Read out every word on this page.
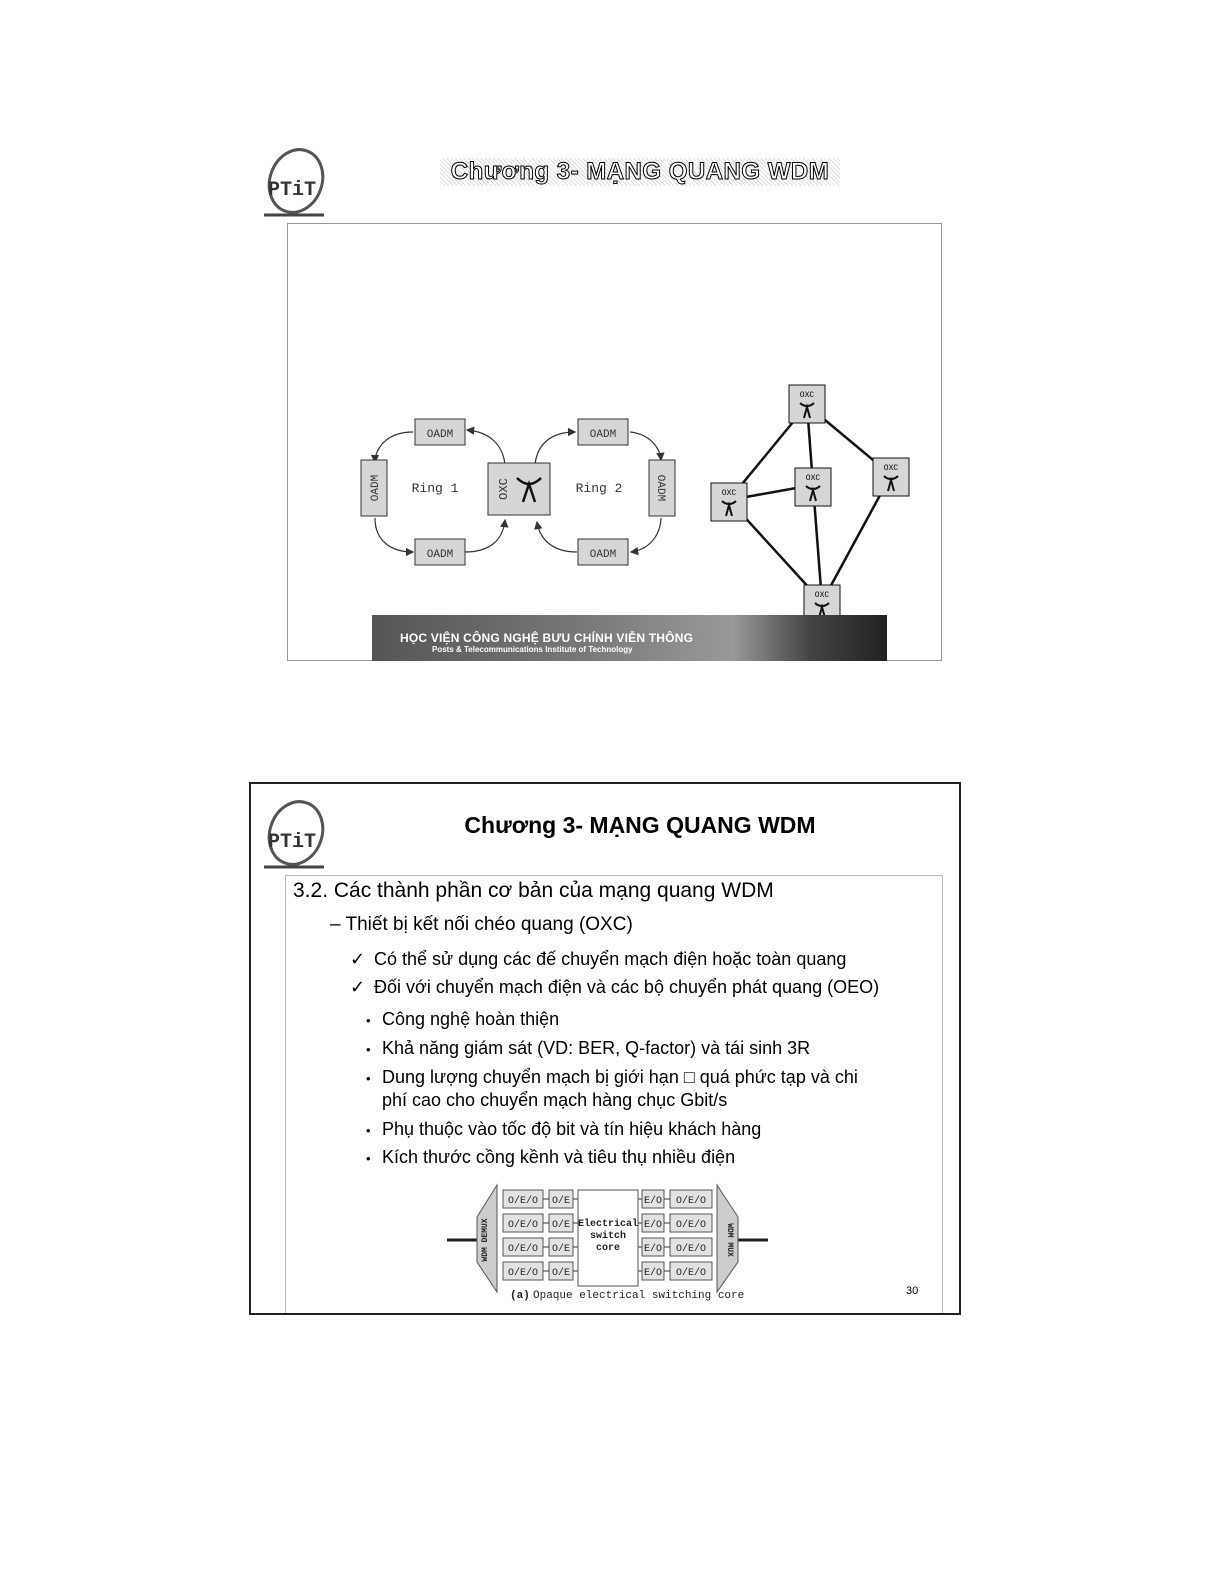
PTiT
Chương 3- MẠNG QUANG WDM
OADM
OADM
OADM
OADM
OADM
OADM
OXC
Ring 1	Ring 2
OXC
OXC
OXC
OXC
OXC
HỌC VIỆN CÔNG NGHỆ BƯU CHÍNH VIỄN THÔNG
Posts & Telecommunications Institute of Technology
PTiT
Chương 3- MẠNG QUANG WDM
3.2. Các thành phần cơ bản của mạng quang WDM
– Thiết bị kết nối chéo quang (OXC)
✓ Có thể sử dụng các đế chuyển mạch điện hoặc toàn quang
✓ Đối với chuyển mạch điện và các bộ chuyển phát quang (OEO)
• Công nghệ hoàn thiện
• Khả năng giám sát (VD: BER, Q-factor) và tái sinh 3R
• Dung lượng chuyển mạch bị giới hạn □ quá phức tạp và chi
phí cao cho chuyển mạch hàng chục Gbit/s
• Phụ thuộc vào tốc độ bit và tín hiệu khách hàng
• Kích thước cồng kềnh và tiêu thụ nhiều điện
WDM DEMUX	WDM MUX
Electrical
switch
core
O/E/O O/E	E/O O/E/O
O/E/O O/E	E/O O/E/O
O/E/O O/E	E/O O/E/O
O/E/O O/E	E/O O/E/O
(a) Opaque electrical switching core	30
